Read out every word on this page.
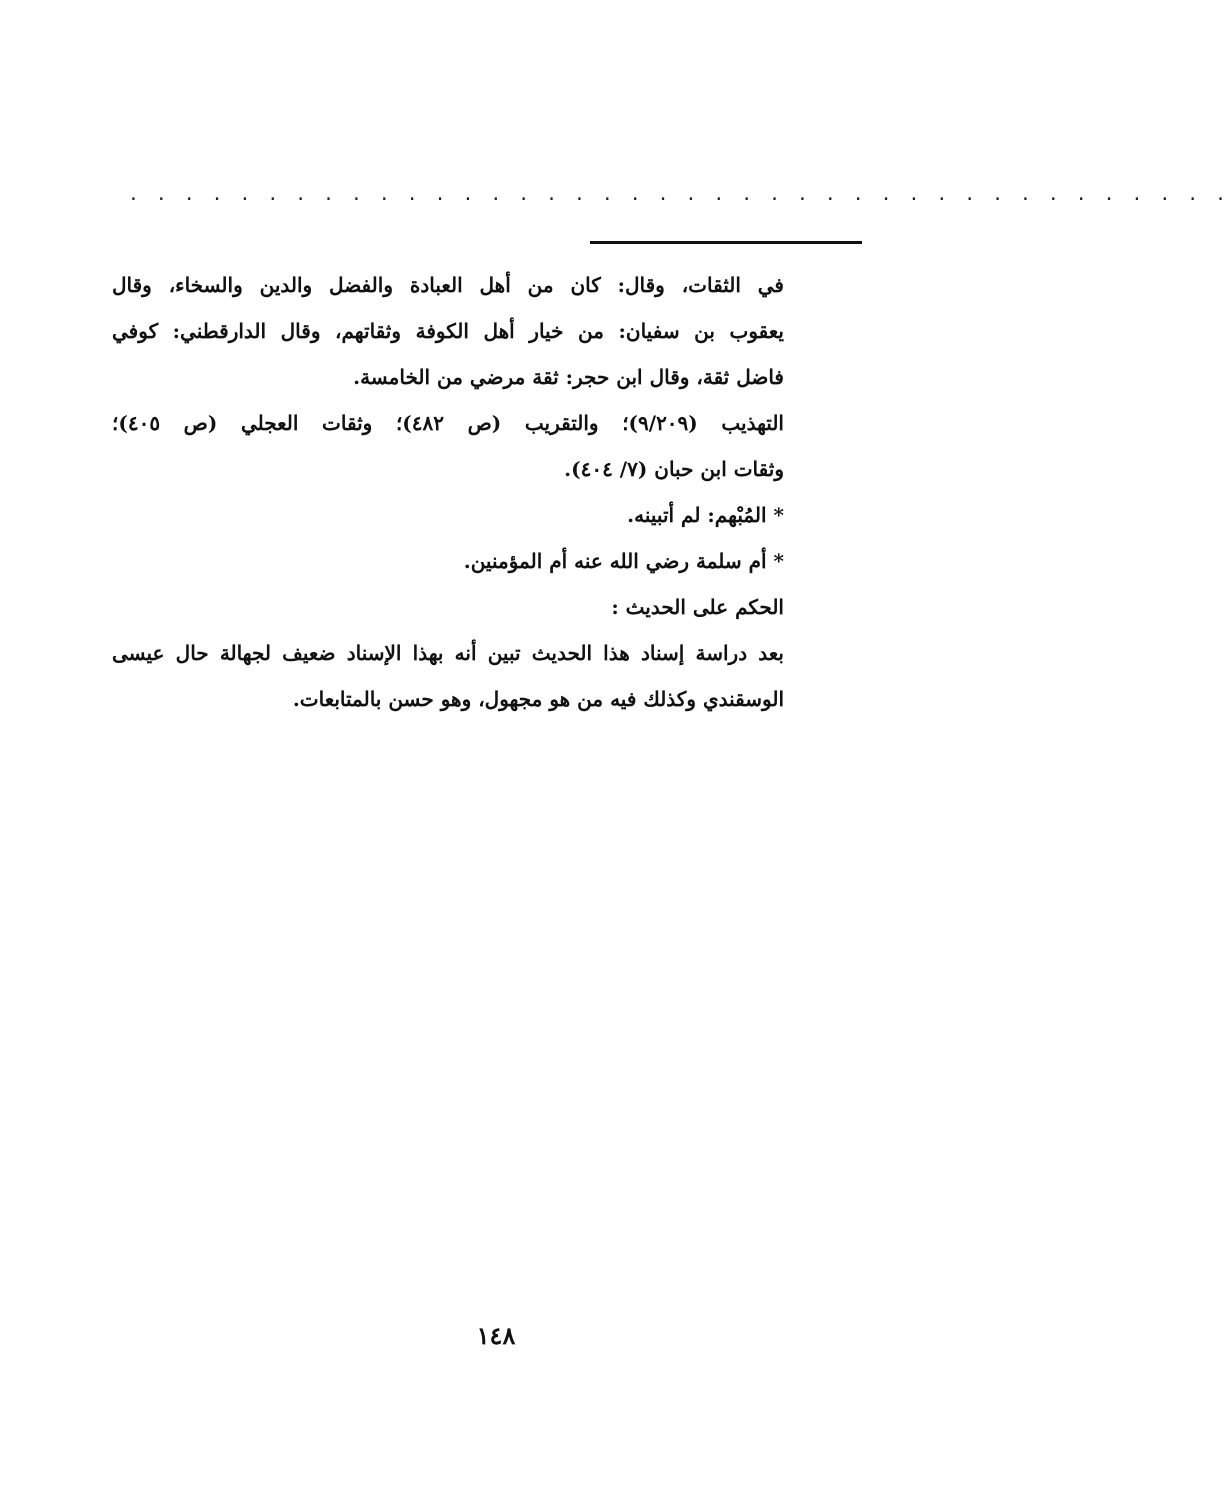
. . . . . . . . . . . . . . . . . . . . . . . . . . . . . . . . . . . . . . . .
في الثقات، وقال: كان من أهل العبادة والفضل والدين والسخاء، وقال
يعقوب بن سفيان: من خيار أهل الكوفة وثقاتهم، وقال الدارقطني: كوفي
فاضل ثقة، وقال ابن حجر: ثقة مرضي من الخامسة.
التهذيب (٩/٢٠٩)؛ والتقريب (ص ٤٨٢)؛ وثقات العجلي (ص ٤٠٥)؛
وثقات ابن حبان (٧/ ٤٠٤).
* المُبْهم: لم أتبينه.
* أم سلمة رضي الله عنه أم المؤمنين.
الحكم على الحديث :
بعد دراسة إسناد هذا الحديث تبين أنه بهذا الإسناد ضعيف لجهالة حال عيسى
الوسقندي وكذلك فيه من هو مجهول، وهو حسن بالمتابعات.
١٤٨
